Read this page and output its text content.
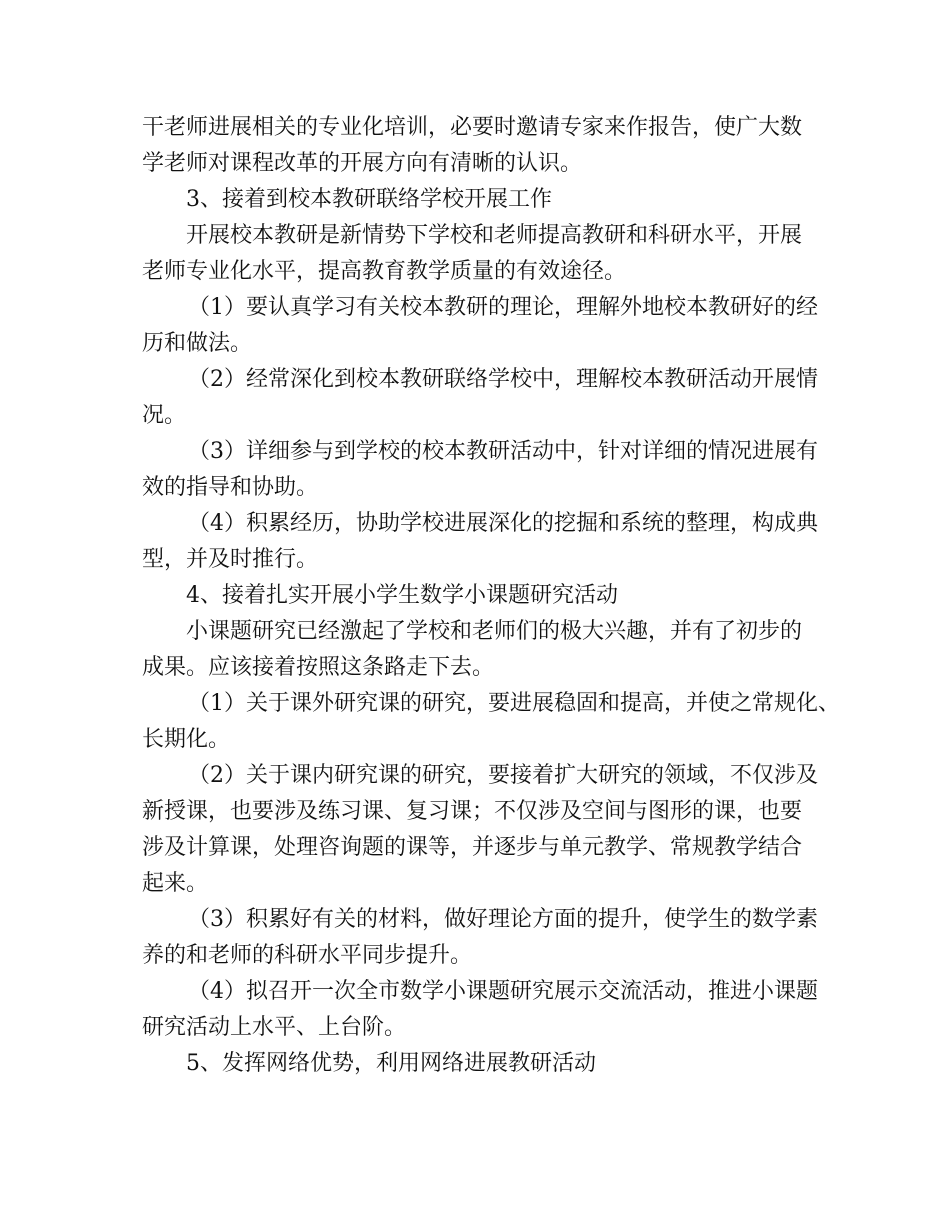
干老师进展相关的专业化培训，必要时邀请专家来作报告，使广大数
学老师对课程改革的开展方向有清晰的认识。
3、接着到校本教研联络学校开展工作
开展校本教研是新情势下学校和老师提高教研和科研水平，开展
老师专业化水平，提高教育教学质量的有效途径。
（1）要认真学习有关校本教研的理论，理解外地校本教研好的经
历和做法。
（2）经常深化到校本教研联络学校中，理解校本教研活动开展情
况。
（3）详细参与到学校的校本教研活动中，针对详细的情况进展有
效的指导和协助。
（4）积累经历，协助学校进展深化的挖掘和系统的整理，构成典
型，并及时推行。
4、接着扎实开展小学生数学小课题研究活动
小课题研究已经激起了学校和老师们的极大兴趣，并有了初步的
成果。应该接着按照这条路走下去。
（1）关于课外研究课的研究，要进展稳固和提高，并使之常规化、
长期化。
（2）关于课内研究课的研究，要接着扩大研究的领域，不仅涉及
新授课，也要涉及练习课、复习课；不仅涉及空间与图形的课，也要
涉及计算课，处理咨询题的课等，并逐步与单元教学、常规教学结合
起来。
（3）积累好有关的材料，做好理论方面的提升，使学生的数学素
养的和老师的科研水平同步提升。
（4）拟召开一次全市数学小课题研究展示交流活动，推进小课题
研究活动上水平、上台阶。
5、发挥网络优势，利用网络进展教研活动
